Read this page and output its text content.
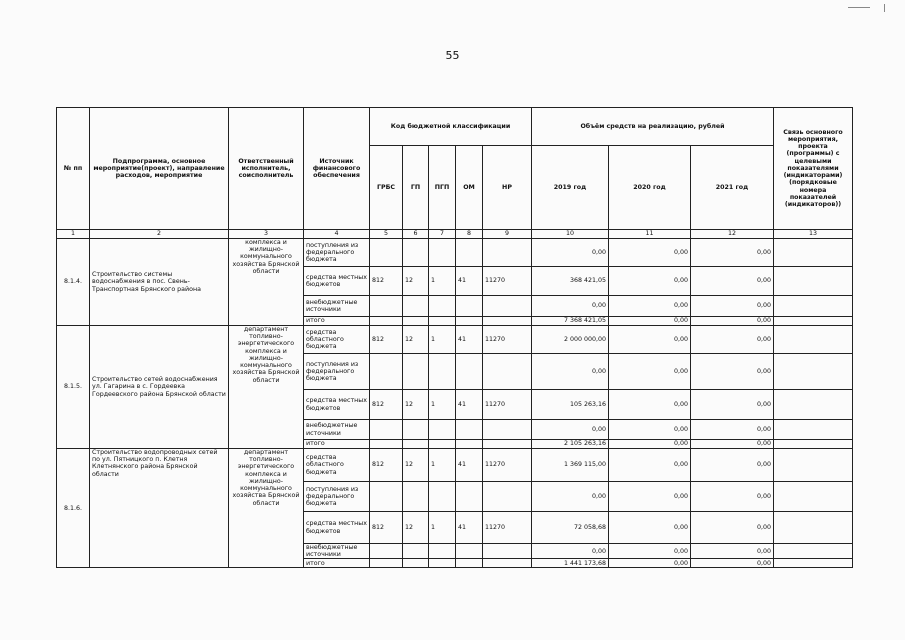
55
№ пп	Подпрограмма, основное мероприятие(проект), направление расходов, мероприятие	Ответственный исполнитель, соисполнитель	Источник финансового обеспечения	Код бюджетной классификации					Объём средств на реализацию, рублей			Связь основного мероприятия, проекта (программы) с целевыми показателями (индикаторами) (порядковые номера показателей (индикаторов))
				ГРБС	ГП	ПГП	ОМ	НР	2019 год	2020 год	2021 год	
1	2	3	4	5	6	7	8	9	10	11	12	13
8.1.4.	Строительство системы водоснабжения в пос. Свень-Транспортная Брянского района	комплекса и жилищно-коммунального хозяйства Брянской области	поступления из федерального бюджета						0,00	0,00	0,00	
			средства местных бюджетов	812	12	1	41	11270	368 421,05	0,00	0,00	
			внебюджетные источники						0,00	0,00	0,00	
			итого						7 368 421,05	0,00	0,00	
8.1.5.	Строительство сетей водоснабжения ул. Гагарина в с. Гордеевка Гордеевского района Брянской области	департамент топливно-энергетического комплекса и жилищно-коммунального хозяйства Брянской области	средства областного бюджета	812	12	1	41	11270	2 000 000,00	0,00	0,00	
			поступления из федерального бюджета						0,00	0,00	0,00	
			средства местных бюджетов	812	12	1	41	11270	105 263,16	0,00	0,00	
			внебюджетные источники						0,00	0,00	0,00	
			итого						2 105 263,16	0,00	0,00	
8.1.6.	Строительство водопроводных сетей по ул. Пятницкого п. Клетня Клетнянского района Брянской области	департамент топливно-энергетического комплекса и жилищно-коммунального хозяйства Брянской области	средства областного бюджета	812	12	1	41	11270	1 369 115,00	0,00	0,00	
			поступления из федерального бюджета						0,00	0,00	0,00	
			средства местных бюджетов	812	12	1	41	11270	72 058,68	0,00	0,00	
			внебюджетные источники						0,00	0,00	0,00	
			итого						1 441 173,68	0,00	0,00	
